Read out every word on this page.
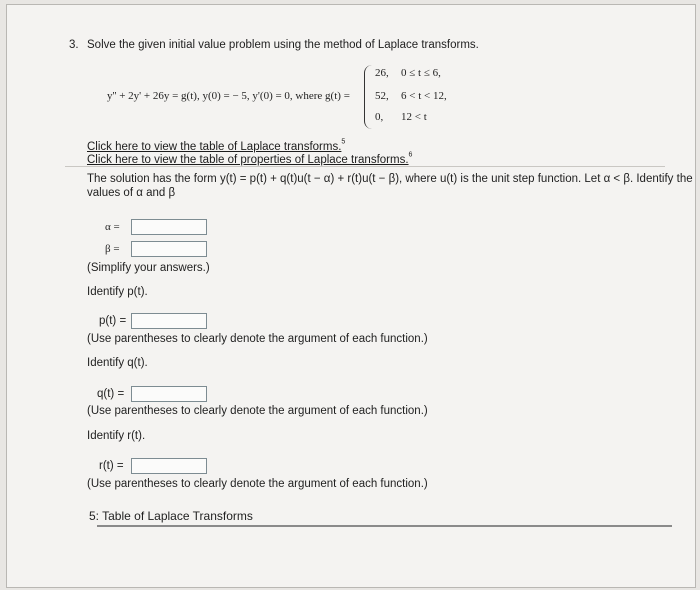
3. Solve the given initial value problem using the method of Laplace transforms.
y'' + 2y' + 26y = g(t), y(0) = − 5, y'(0) = 0, where g(t) =
26, 0 ≤ t ≤ 6,
52, 6 < t < 12,
0, 12 < t
Click here to view the table of Laplace transforms.$^5$
Click here to view the table of properties of Laplace transforms.$^6$
The solution has the form y(t) = p(t) + q(t)u(t − α) + r(t)u(t − β), where u(t) is the unit step function. Let α < β. Identify the
values of α and β
α =
β =
(Simplify your answers.)
Identify p(t).
p(t) =
(Use parentheses to clearly denote the argument of each function.)
Identify q(t).
q(t) =
(Use parentheses to clearly denote the argument of each function.)
Identify r(t).
r(t) =
(Use parentheses to clearly denote the argument of each function.)
5: Table of Laplace Transforms
